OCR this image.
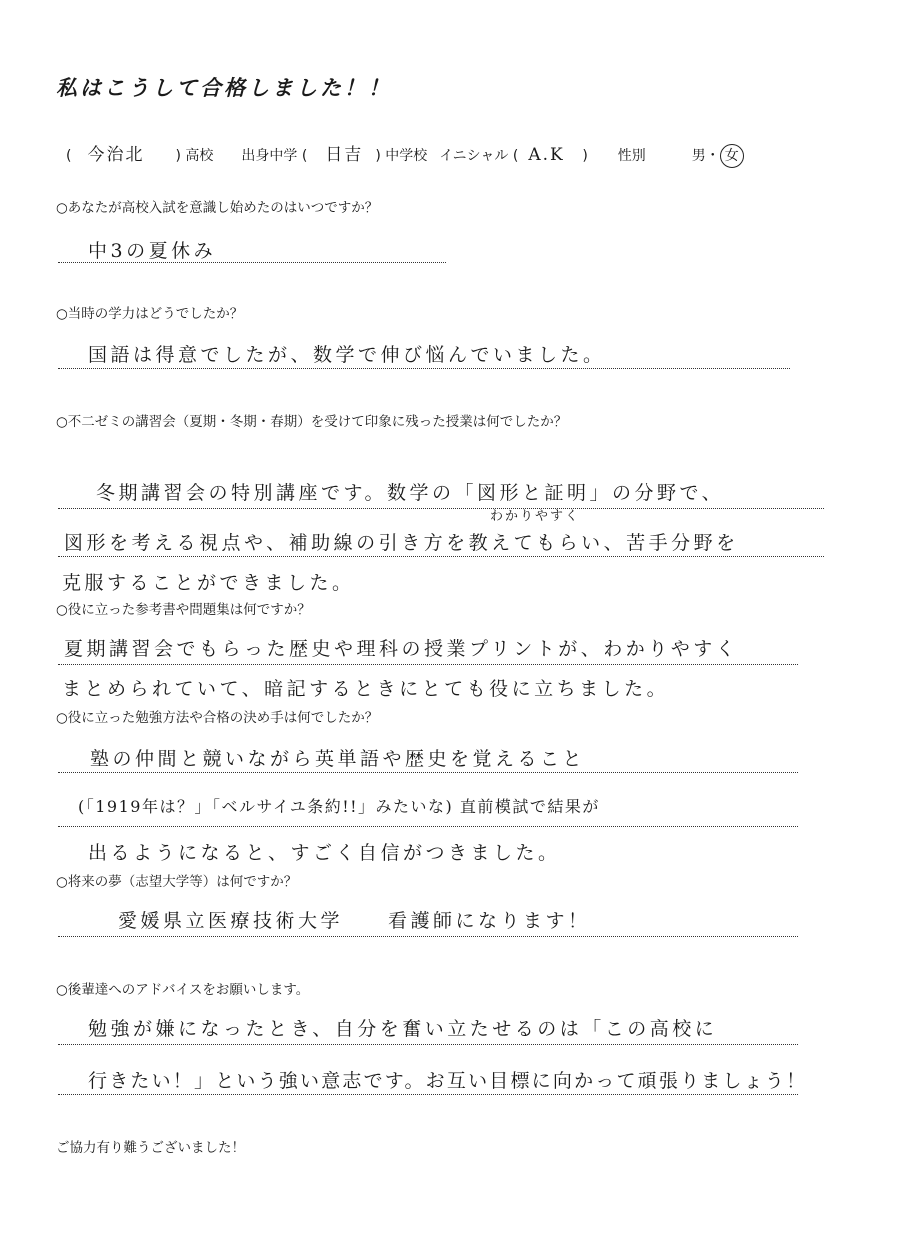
私はこうして合格しました！！
( 今治北 ) 高校 出身中学 ( 日吉 ) 中学校 イニシャル ( A.K ) 性別	男・ 女
○あなたが高校入試を意識し始めたのはいつですか？
中3の夏休み
○当時の学力はどうでしたか？
国語は得意でしたが、数学で伸び悩んでいました。
○不二ゼミの講習会（夏期・冬期・春期）を受けて印象に残った授業は何でしたか？
冬期講習会の特別講座です。数学の「図形と証明」の分野で、
わかりやすく
図形を考える視点や、補助線の引き方を教えてもらい、苦手分野を
克服することができました。
○役に立った参考書や問題集は何ですか？
夏期講習会でもらった歴史や理科の授業プリントが、わかりやすく
まとめられていて、暗記するときにとても役に立ちました。
○役に立った勉強方法や合格の決め手は何でしたか？
塾の仲間と競いながら英単語や歴史を覚えること
(「1919年は？」「ベルサイユ条約!!」みたいな) 直前模試で結果が
出るようになると、すごく自信がつきました。
○将来の夢（志望大学等）は何ですか？
愛媛県立医療技術大学　　看護師になります！
○後輩達へのアドバイスをお願いします。
勉強が嫌になったとき、自分を奮い立たせるのは「この高校に
行きたい！」という強い意志です。お互い目標に向かって頑張りましょう！
ご協力有り難うございました！
